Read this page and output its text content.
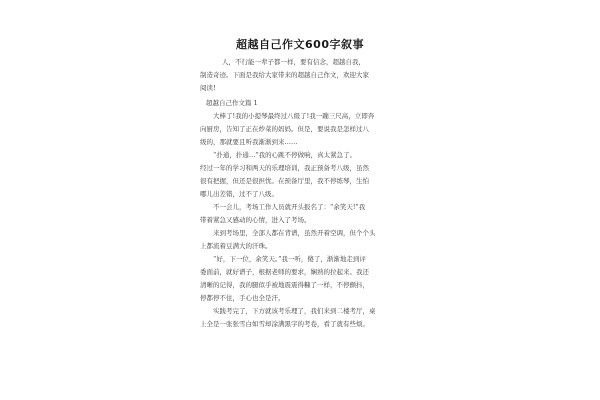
超越自己作文600字叙事
人，不行能一辈子都一样，要有信念，超越自我，
制造奇迹。下面是我给大家带来的超越自己作文，欢迎大家
阅读!
超越自己作文篇 1
大棒了!我的小提琴最终过八级了!我一蹦三尺高，立即奔
向厨房，告知了正在炒菜的妈妈。但是，要说我是怎样过八
级的，那就要且听我渐渐到来……
“扑通，扑通…”我的心跳不停做响，真太紧急了。
经过一年的学习和两天的乐理培训，我正预备考八级，虽然
很有把握，但还是很担忧。在预备厅里，我不停练琴，生怕
哪儿出差错，过不了八级。
不一会儿，考场工作人员就开头报名了：“余笑天!”我
带着紧急又感动的心情，进入了考场。
来到考场里，全部人都在背谱，虽然开着空调，但个个头
上都流着豆满大的汗珠。
“好，下一位，余笑天。”我一听，傻了，渐渐地走到评
委面前，就好谱子，根据老师的要求，娴熟的拉起来。我还
清晰的记得，我的腿似乎被地震震得糠了一样，不停颤抖，
停都停不住，手心也全是汗。
实践考完了，下方就该考乐理了，我们来到二楼考厅，桌
上全是一张张雪白如雪却涂满黑字的考卷，看了就有些烦。
